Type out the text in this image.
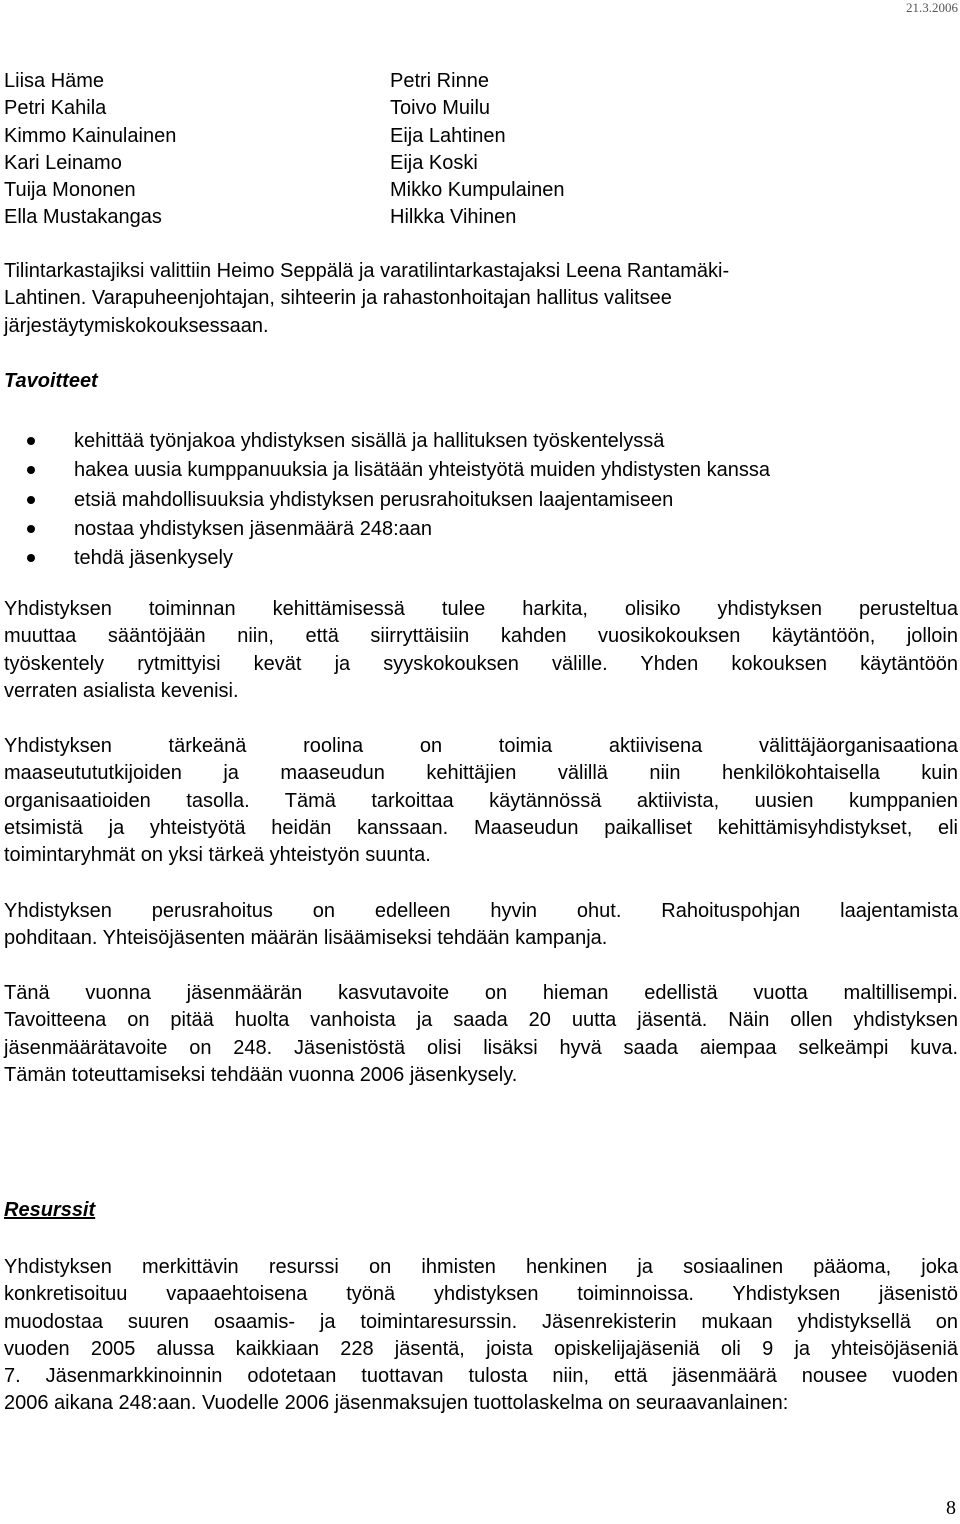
21.3.2006
Liisa Häme
Petri Kahila
Kimmo Kainulainen
Kari Leinamo
Tuija Mononen
Ella Mustakangas
Petri Rinne
Toivo Muilu
Eija Lahtinen
Eija Koski
Mikko Kumpulainen
Hilkka Vihinen
Tilintarkastajiksi valittiin Heimo Seppälä ja varatilintarkastajaksi Leena Rantamäki-
Lahtinen. Varapuheenjohtajan, sihteerin ja rahastonhoitajan hallitus valitsee
järjestäytymiskokouksessaan.
Tavoitteet
kehittää työnjakoa yhdistyksen sisällä ja hallituksen työskentelyssä
hakea uusia kumppanuuksia ja lisätään yhteistyötä muiden yhdistysten kanssa
etsiä mahdollisuuksia yhdistyksen perusrahoituksen laajentamiseen
nostaa yhdistyksen jäsenmäärä 248:aan
tehdä jäsenkysely
Yhdistyksen toiminnan kehittämisessä tulee harkita, olisiko yhdistyksen perusteltua
muuttaa sääntöjään niin, että siirryttäisiin kahden vuosikokouksen käytäntöön, jolloin
työskentely rytmittyisi kevät ja syyskokouksen välille. Yhden kokouksen käytäntöön
verraten asialista kevenisi.
Yhdistyksen tärkeänä roolina on toimia aktiivisena välittäjäorganisaationa
maaseutututkijoiden ja maaseudun kehittäjien välillä niin henkilökohtaisella kuin
organisaatioiden tasolla. Tämä tarkoittaa käytännössä aktiivista, uusien kumppanien
etsimistä ja yhteistyötä heidän kanssaan. Maaseudun paikalliset kehittämisyhdistykset, eli
toimintaryhmät on yksi tärkeä yhteistyön suunta.
Yhdistyksen perusrahoitus on edelleen hyvin ohut. Rahoituspohjan laajentamista
pohditaan. Yhteisöjäsenten määrän lisäämiseksi tehdään kampanja.
Tänä vuonna jäsenmäärän kasvutavoite on hieman edellistä vuotta maltillisempi.
Tavoitteena on pitää huolta vanhoista ja saada 20 uutta jäsentä. Näin ollen yhdistyksen
jäsenmäärätavoite on 248. Jäsenistöstä olisi lisäksi hyvä saada aiempaa selkeämpi kuva.
Tämän toteuttamiseksi tehdään vuonna 2006 jäsenkysely.
Resurssit
Yhdistyksen merkittävin resurssi on ihmisten henkinen ja sosiaalinen pääoma, joka
konkretisoituu vapaaehtoisena työnä yhdistyksen toiminnoissa. Yhdistyksen jäsenistö
muodostaa suuren osaamis- ja toimintaresurssin. Jäsenrekisterin mukaan yhdistyksellä on
vuoden 2005 alussa kaikkiaan 228 jäsentä, joista opiskelijajäseniä oli 9 ja yhteisöjäseniä
7. Jäsenmarkkinoinnin odotetaan tuottavan tulosta niin, että jäsenmäärä nousee vuoden
2006 aikana 248:aan. Vuodelle 2006 jäsenmaksujen tuottolaskelma on seuraavanlainen:
8
